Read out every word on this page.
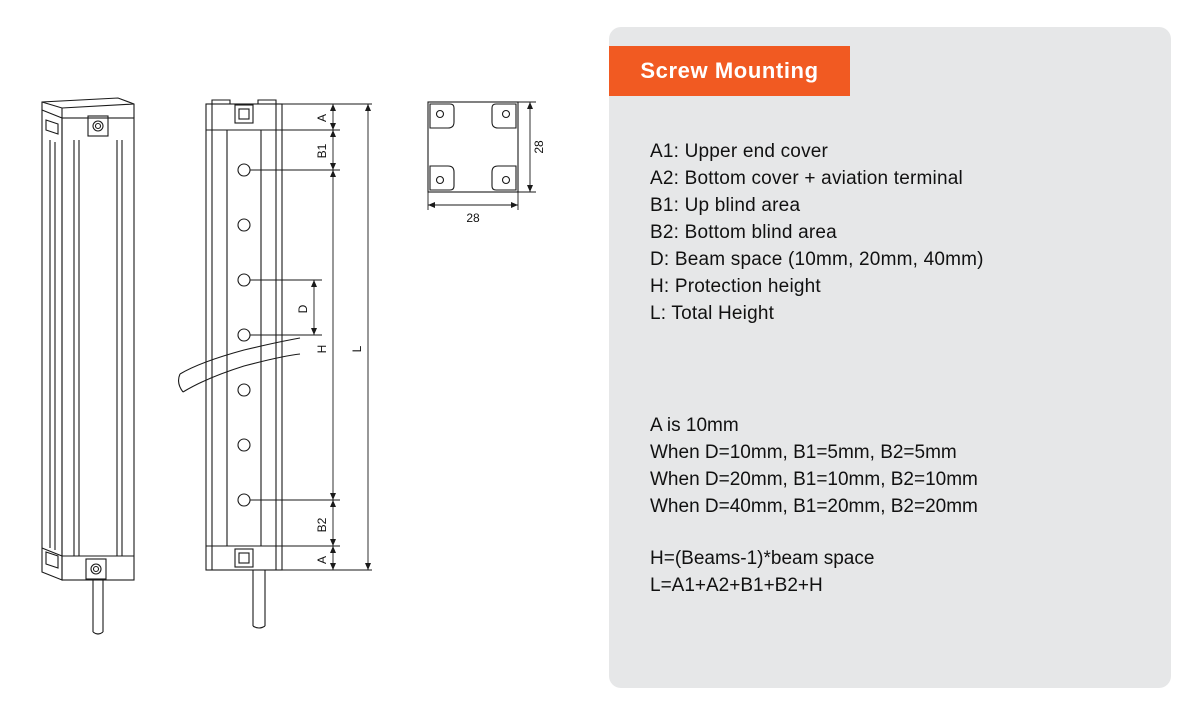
A
B1
D
H L
B2
A
28
28
Screw Mounting
A1: Upper end cover
A2: Bottom cover + aviation terminal
B1: Up blind area
B2: Bottom blind area
D: Beam space (10mm, 20mm, 40mm)
H: Protection height
L: Total Height
A is 10mm
When D=10mm, B1=5mm, B2=5mm
When D=20mm, B1=10mm, B2=10mm
When D=40mm, B1=20mm, B2=20mm
H=(Beams-1)*beam space
L=A1+A2+B1+B2+H
